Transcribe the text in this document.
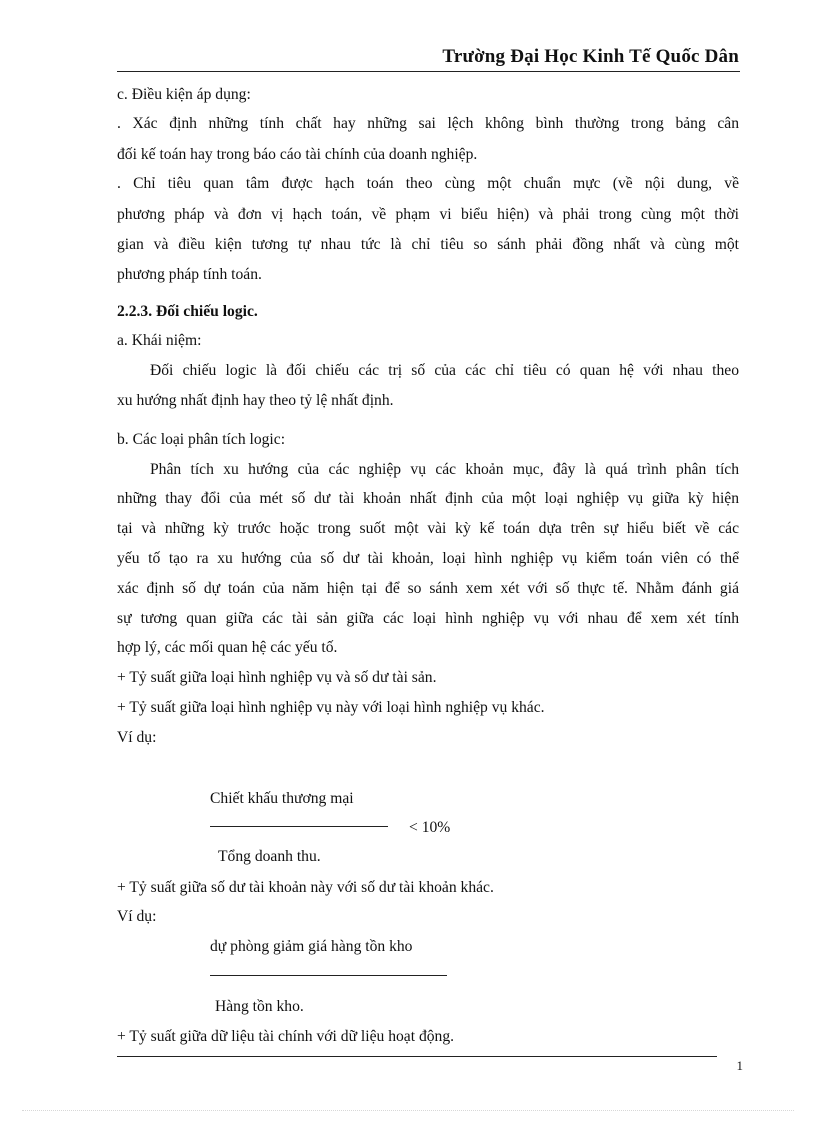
Trường Đại Học Kinh Tế Quốc Dân
c. Điều kiện áp dụng:
. Xác định những tính chất hay những sai lệch không bình thường trong bảng cân
đối kế toán hay trong báo cáo tài chính của doanh nghiệp.
. Chỉ tiêu quan tâm được hạch toán theo cùng một chuẩn mực (về nội dung, về
phương pháp và đơn vị hạch toán, về phạm vi biểu hiện) và phải trong cùng một thời
gian và điều kiện tương tự nhau tức là chỉ tiêu so sánh phải đồng nhất và cùng một
phương pháp tính toán.
2.2.3. Đối chiếu logic.
a. Khái niệm:
Đối chiếu logic là đối chiếu các trị số của các chỉ tiêu có quan hệ với nhau theo
xu hướng nhất định hay theo tỷ lệ nhất định.
b. Các loại phân tích logic:
Phân tích xu hướng của các nghiệp vụ các khoản mục, đây là quá trình phân tích
những thay đổi của mét số dư tài khoản nhất định của một loại nghiệp vụ giữa kỳ hiện
tại và những kỳ trước hoặc trong suốt một vài kỳ kế toán dựa trên sự hiểu biết về các
yếu tố tạo ra xu hướng của số dư tài khoản, loại hình nghiệp vụ kiểm toán viên có thể
xác định số dự toán của năm hiện tại để so sánh xem xét với số thực tế. Nhằm đánh giá
sự tương quan giữa các tài sản giữa các loại hình nghiệp vụ với nhau để xem xét tính
hợp lý, các mối quan hệ các yếu tố.
+ Tỷ suất giữa loại hình nghiệp vụ và số dư tài sản.
+ Tỷ suất giữa loại hình nghiệp vụ này với loại hình nghiệp vụ khác.
Ví dụ:
Chiết khấu thương mại
< 10%
Tổng doanh thu.
+ Tỷ suất giữa số dư tài khoản này với số dư tài khoản khác.
Ví dụ:
dự phòng giảm giá hàng tồn kho
Hàng tồn kho.
+ Tỷ suất giữa dữ liệu tài chính với dữ liệu hoạt động.
1
